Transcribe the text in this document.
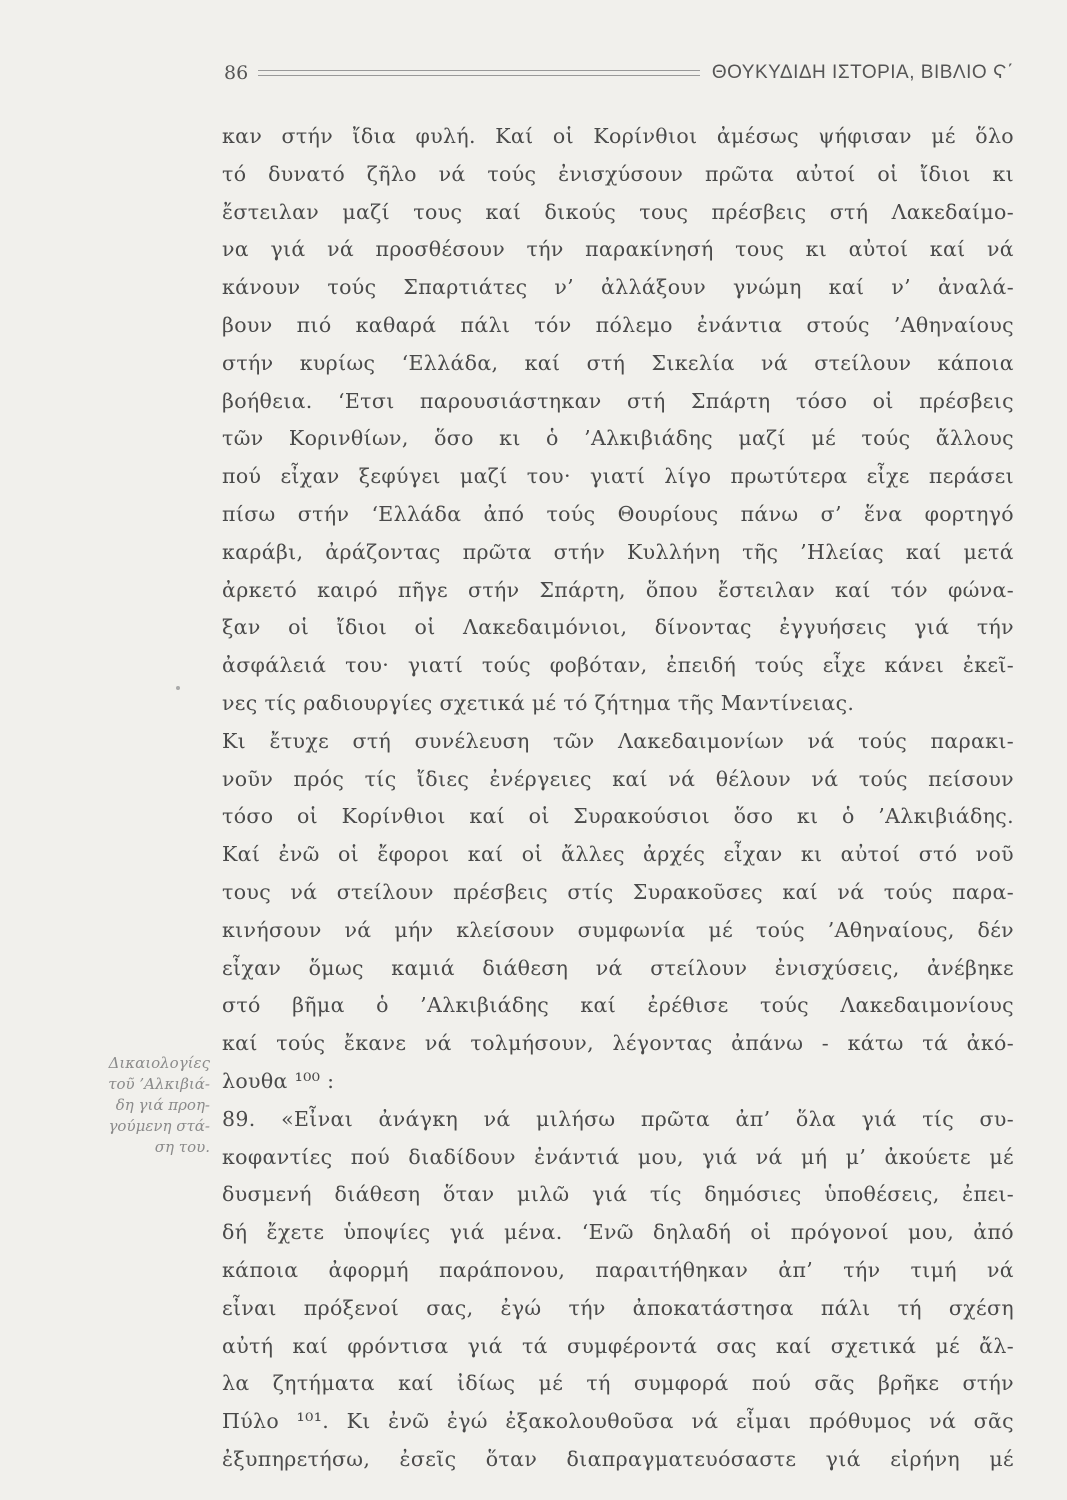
86	ΘΟΥΚΥΔΙΔΗ ΙΣΤΟΡΙΑ, ΒΙΒΛΙΟ Ϛ΄
καν στήν ἴδια φυλή. Καί οἱ Κορίνθιοι ἀμέσως ψήφισαν μέ ὅλο
τό δυνατό ζῆλο νά τούς ἐνισχύσουν πρῶτα αὐτοί οἱ ἴδιοι κι
ἔστειλαν μαζί τους καί δικούς τους πρέσβεις στή Λακεδαίμο-
να γιά νά προσθέσουν τήν παρακίνησή τους κι αὐτοί καί νά
κάνουν τούς Σπαρτιάτες ν’ ἀλλάξουν γνώμη καί ν’ ἀναλά-
βουν πιό καθαρά πάλι τόν πόλεμο ἐνάντια στούς ’Αθηναίους
στήν κυρίως ‘Ελλάδα, καί στή Σικελία νά στείλουν κάποια
βοήθεια. ‘Ετσι παρουσιάστηκαν στή Σπάρτη τόσο οἱ πρέσβεις
τῶν Κορινθίων, ὅσο κι ὁ ’Αλκιβιάδης μαζί μέ τούς ἄλλους
πού εἶχαν ξεφύγει μαζί του· γιατί λίγο πρωτύτερα εἶχε περάσει
πίσω στήν ‘Ελλάδα ἀπό τούς Θουρίους πάνω σ’ ἕνα φορτηγό
καράβι, ἀράζοντας πρῶτα στήν Κυλλήνη τῆς ’Ηλείας καί μετά
ἀρκετό καιρό πῆγε στήν Σπάρτη, ὅπου ἔστειλαν καί τόν φώνα-
ξαν οἱ ἴδιοι οἱ Λακεδαιμόνιοι, δίνοντας ἐγγυήσεις γιά τήν
ἀσφάλειά του· γιατί τούς φοβόταν, ἐπειδή τούς εἶχε κάνει ἐκεῖ-
νες τίς ραδιουργίες σχετικά μέ τό ζήτημα τῆς Μαντίνειας.
Κι ἔτυχε στή συνέλευση τῶν Λακεδαιμονίων νά τούς παρακι-
νοῦν πρός τίς ἴδιες ἐνέργειες καί νά θέλουν νά τούς πείσουν
τόσο οἱ Κορίνθιοι καί οἱ Συρακούσιοι ὅσο κι ὁ ’Αλκιβιάδης.
Καί ἐνῶ οἱ ἔφοροι καί οἱ ἄλλες ἀρχές εἶχαν κι αὐτοί στό νοῦ
τους νά στείλουν πρέσβεις στίς Συρακοῦσες καί νά τούς παρα-
κινήσουν νά μήν κλείσουν συμφωνία μέ τούς ’Αθηναίους, δέν
εἶχαν ὅμως καμιά διάθεση νά στείλουν ἐνισχύσεις, ἀνέβηκε
στό βῆμα ὁ ’Αλκιβιάδης καί ἐρέθισε τούς Λακεδαιμονίους
καί τούς ἔκανε νά τολμήσουν, λέγοντας ἀπάνω - κάτω τά ἀκό-
λουθα ¹⁰⁰ :
89. «Εἶναι ἀνάγκη νά μιλήσω πρῶτα ἀπ’ ὅλα γιά τίς συ-
κοφαντίες πού διαδίδουν ἐνάντιά μου, γιά νά μή μ’ ἀκούετε μέ
δυσμενή διάθεση ὅταν μιλῶ γιά τίς δημόσιες ὑποθέσεις, ἐπει-
δή ἔχετε ὑποψίες γιά μένα. ‘Ενῶ δηλαδή οἱ πρόγονοί μου, ἀπό
κάποια ἀφορμή παράπονου, παραιτήθηκαν ἀπ’ τήν τιμή νά
εἶναι πρόξενοί σας, ἐγώ τήν ἀποκατάστησα πάλι τή σχέση
αὐτή καί φρόντισα γιά τά συμφέροντά σας καί σχετικά μέ ἄλ-
λα ζητήματα καί ἰδίως μέ τή συμφορά πού σᾶς βρῆκε στήν
Πύλο ¹⁰¹. Κι ἐνῶ ἐγώ ἐξακολουθοῦσα νά εἶμαι πρόθυμος νά σᾶς
ἐξυπηρετήσω, ἐσεῖς ὅταν διαπραγματευόσαστε γιά εἰρήνη μέ
Δικαιολογίες
τοῦ ’Αλκιβιά-
δη γιά προη-
γούμενη στά-
ση του.
